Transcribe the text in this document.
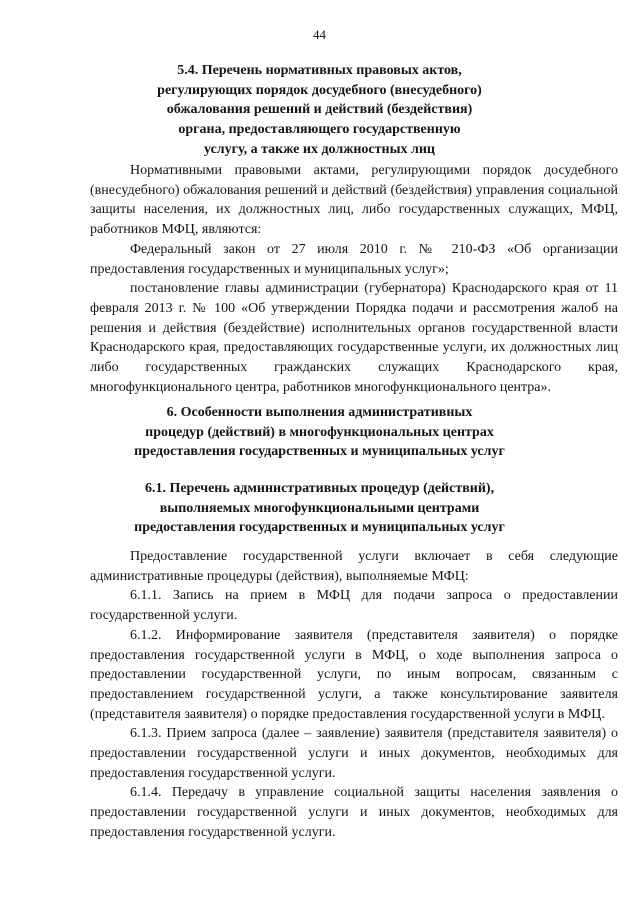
44
5.4. Перечень нормативных правовых актов,
регулирующих порядок досудебного (внесудебного)
обжалования решений и действий (бездействия)
органа, предоставляющего государственную
услугу, а также их должностных лиц

Нормативными правовыми актами, регулирующими порядок досудебного (внесудебного) обжалования решений и действий (бездействия) управления социальной защиты населения, их должностных лиц, либо государственных служащих, МФЦ, работников МФЦ, являются:

Федеральный закон от 27 июля 2010 г. № 210-ФЗ «Об организации предоставления государственных и муниципальных услуг»;

постановление главы администрации (губернатора) Краснодарского края от 11 февраля 2013 г. № 100 «Об утверждении Порядка подачи и рассмотрения жалоб на решения и действия (бездействие) исполнительных органов государственной власти Краснодарского края, предоставляющих государственные услуги, их должностных лиц либо государственных гражданских служащих Краснодарского края, многофункционального центра, работников многофункционального центра».

6. Особенности выполнения административных
процедур (действий) в многофункциональных центрах
предоставления государственных и муниципальных услуг
6.1. Перечень административных процедур (действий),
выполняемых многофункциональными центрами
предоставления государственных и муниципальных услуг

Предоставление государственной услуги включает в себя следующие административные процедуры (действия), выполняемые МФЦ:

6.1.1. Запись на прием в МФЦ для подачи запроса о предоставлении государственной услуги.

6.1.2. Информирование заявителя (представителя заявителя) о порядке предоставления государственной услуги в МФЦ, о ходе выполнения запроса о предоставлении государственной услуги, по иным вопросам, связанным с предоставлением государственной услуги, а также консультирование заявителя (представителя заявителя) о порядке предоставления государственной услуги в МФЦ.

6.1.3. Прием запроса (далее – заявление) заявителя (представителя заявителя) о предоставлении государственной услуги и иных документов, необходимых для предоставления государственной услуги.

6.1.4. Передачу в управление социальной защиты населения заявления о предоставлении государственной услуги и иных документов, необходимых для предоставления государственной услуги.
